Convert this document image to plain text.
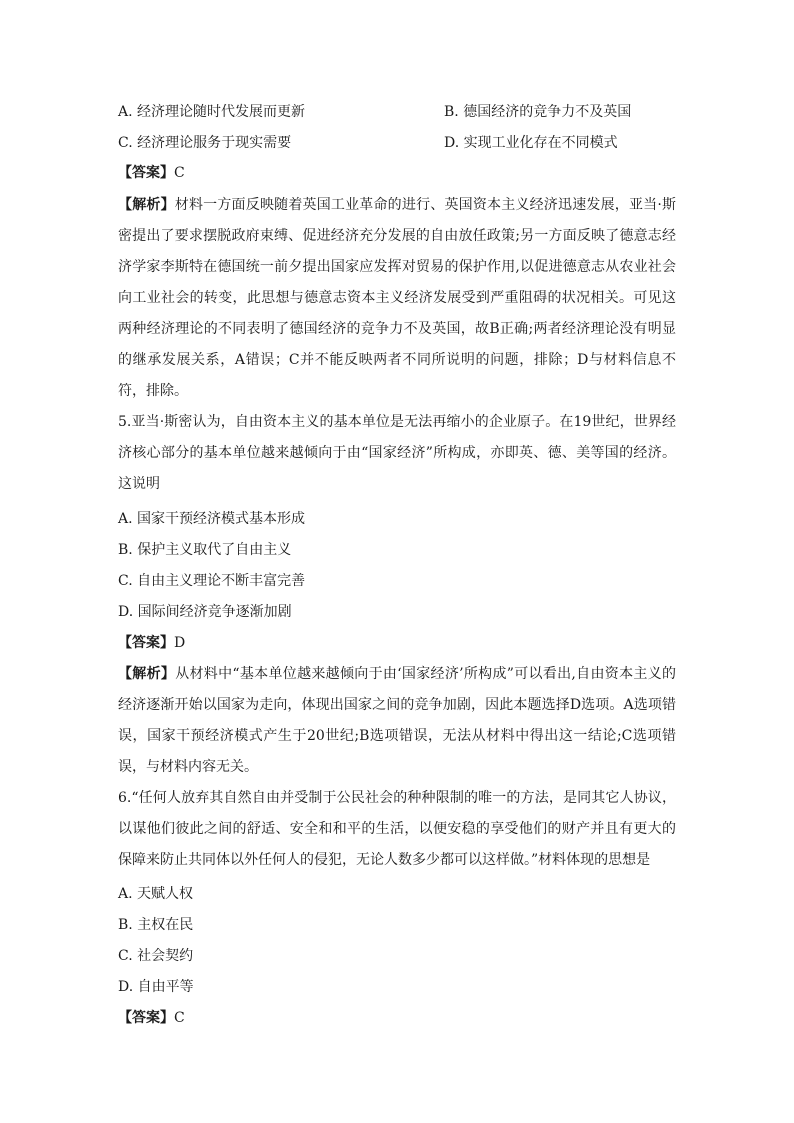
A. 经济理论随时代发展而更新	B. 德国经济的竞争力不及英国
C. 经济理论服务于现实需要	D. 实现工业化存在不同模式
【答案】C

【解析】材料一方面反映随着英国工业革命的进行、英国资本主义经济迅速发展，亚当·斯密提出了要求摆脱政府束缚、促进经济充分发展的自由放任政策;另一方面反映了德意志经济学家李斯特在德国统一前夕提出国家应发挥对贸易的保护作用,以促进德意志从农业社会向工业社会的转变，此思想与德意志资本主义经济发展受到严重阻碍的状况相关。可见这两种经济理论的不同表明了德国经济的竞争力不及英国，故B正确;两者经济理论没有明显的继承发展关系，A错误；C并不能反映两者不同所说明的问题，排除；D与材料信息不符，排除。

5.亚当·斯密认为，自由资本主义的基本单位是无法再缩小的企业原子。在19世纪，世界经济核心部分的基本单位越来越倾向于由“国家经济”所构成，亦即英、德、美等国的经济。这说明

A. 国家干预经济模式基本形成
B. 保护主义取代了自由主义
C. 自由主义理论不断丰富完善
D. 国际间经济竞争逐渐加剧
【答案】D

【解析】从材料中“基本单位越来越倾向于由‘国家经济’所构成”可以看出,自由资本主义的经济逐渐开始以国家为走向，体现出国家之间的竞争加剧，因此本题选择D选项。A选项错误，国家干预经济模式产生于20世纪;B选项错误，无法从材料中得出这一结论;C选项错误，与材料内容无关。

6.“任何人放弃其自然自由并受制于公民社会的种种限制的唯一的方法，是同其它人协议，以谋他们彼此之间的舒适、安全和和平的生活，以便安稳的享受他们的财产并且有更大的保障来防止共同体以外任何人的侵犯，无论人数多少都可以这样做。”材料体现的思想是

A. 天赋人权
B. 主权在民
C. 社会契约
D. 自由平等
【答案】C
